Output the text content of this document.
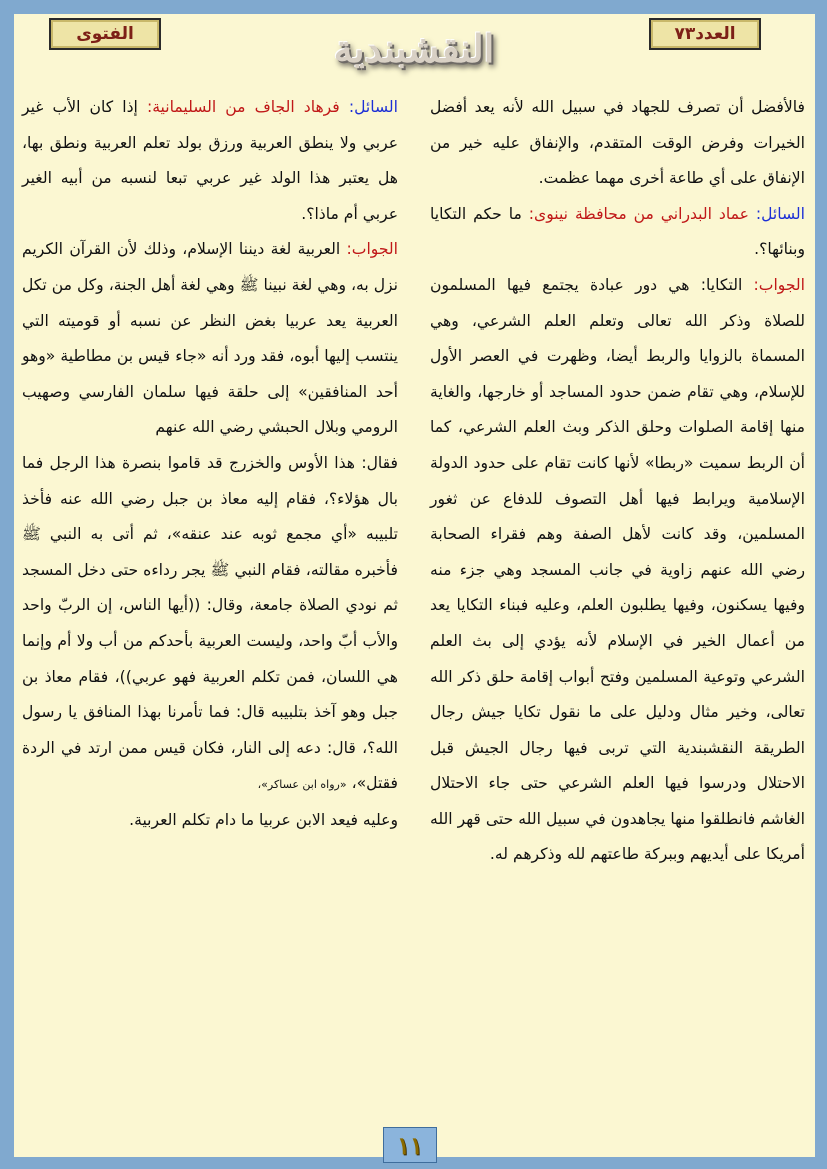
العدد٧٣
النقشبندية
الفتوى

فالأفضل أن تصرف للجهاد في سبيل الله لأنه يعد أفضل الخيرات وفرض الوقت المتقدم، والإنفاق عليه خير من الإنفاق على أي طاعة أخرى مهما عظمت.

السائل: عماد البدراني من محافظة نينوى: ما حكم التكايا وبنائها؟.

الجواب: التكايا: هي دور عبادة يجتمع فيها المسلمون للصلاة وذكر الله تعالى وتعلم العلم الشرعي، وهي المسماة بالزوايا والربط أيضا، وظهرت في العصر الأول للإسلام، وهي تقام ضمن حدود المساجد أو خارجها، والغاية منها إقامة الصلوات وحلق الذكر وبث العلم الشرعي، كما أن الربط سميت «ربطا» لأنها كانت تقام على حدود الدولة الإسلامية ويرابط فيها أهل التصوف للدفاع عن ثغور المسلمين، وقد كانت لأهل الصفة وهم فقراء الصحابة رضي الله عنهم زاوية في جانب المسجد وهي جزء منه وفيها يسكنون، وفيها يطلبون العلم، وعليه فبناء التكايا يعد من أعمال الخير في الإسلام لأنه يؤدي إلى بث العلم الشرعي وتوعية المسلمين وفتح أبواب إقامة حلق ذكر الله تعالى، وخير مثال ودليل على ما نقول تكايا جيش رجال الطريقة النقشبندية التي تربى فيها رجال الجيش قبل الاحتلال ودرسوا فيها العلم الشرعي حتى جاء الاحتلال الغاشم فانطلقوا منها يجاهدون في سبيل الله حتى قهر الله أمريكا على أيديهم وببركة طاعتهم لله وذكرهم له.

السائل: فرهاد الجاف من السليمانية: إذا كان الأب غير عربي ولا ينطق العربية ورزق بولد تعلم العربية ونطق بها، هل يعتبر هذا الولد غير عربي تبعا لنسبه من أبيه الغير عربي أم ماذا؟.

الجواب: العربية لغة ديننا الإسلام، وذلك لأن القرآن الكريم نزل به، وهي لغة نبينا ﷺ وهي لغة أهل الجنة، وكل من تكل العربية يعد عربيا بغض النظر عن نسبه أو قوميته التي ينتسب إليها أبوه، فقد ورد أنه «جاء قيس بن مطاطية «وهو أحد المنافقين» إلى حلقة فيها سلمان الفارسي وصهيب الرومي وبلال الحبشي رضي الله عنهم

فقال: هذا الأوس والخزرج قد قاموا بنصرة هذا الرجل فما بال هؤلاء؟، فقام إليه معاذ بن جبل رضي الله عنه فأخذ تلبيبه «أي مجمع ثوبه عند عنقه»، ثم أتى به النبي ﷺ فأخبره مقالته، فقام النبي ﷺ يجر رداءه حتى دخل المسجد ثم نودي الصلاة جامعة، وقال: ((أيها الناس، إن الربّ واحد والأب أبّ واحد، وليست العربية بأحدكم من أب ولا أم وإنما هي اللسان، فمن تكلم العربية فهو عربي))، فقام معاذ بن جبل وهو آخذ بتلبيبه قال: فما تأمرنا بهذا المنافق يا رسول الله؟، قال: دعه إلى النار، فكان قيس ممن ارتد في الردة فقتل»، «رواه ابن عساكر»،

وعليه فيعد الابن عربيا ما دام تكلم العربية.

١١
